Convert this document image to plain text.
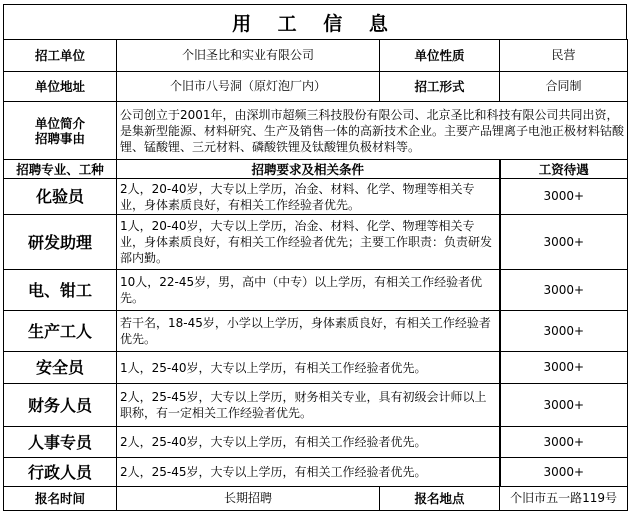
用 工 信 息
招工单位	个旧圣比和实业有限公司	单位性质	民营
单位地址	个旧市八号洞（原灯泡厂内）	招工形式	合同制

单位简介
招聘事由	公司创立于2001年，由深圳市超频三科技股份有限公司、北京圣比和科技有限公司共同出资，是集新型能源、材料研究、生产及销售一体的高新技术企业。主要产品锂离子电池正极材料钴酸锂、锰酸锂、三元材料、磷酸铁锂及钛酸锂负极材料等。		
招聘专业、工种	招聘要求及相关条件		工资待遇
化验员	2人，20-40岁，大专以上学历，冶金、材料、化学、物理等相关专业，身体素质良好，有相关工作经验者优先。		3000+
研发助理	1人，20-40岁，大专以上学历，冶金、材料、化学、物理等相关专业，身体素质良好，有相关工作经验者优先；主要工作职责：负责研发部内勤。		3000+
电、钳工	10人，22-45岁，男，高中（中专）以上学历，有相关工作经验者优先。		3000+
生产工人	若干名，18-45岁，小学以上学历，身体素质良好，有相关工作经验者优先。		3000+
安全员	1人，25-40岁，大专以上学历，有相关工作经验者优先。		3000+
财务人员	2人，25-45岁，大专以上学历，财务相关专业，具有初级会计师以上职称，有一定相关工作经验者优先。		3000+
人事专员	2人，25-40岁，大专以上学历，有相关工作经验者优先。		3000+
行政人员	2人，25-45岁，大专以上学历，有相关工作经验者优先。		3000+
报名时间	长期招聘	报名地点	个旧市五一路119号
